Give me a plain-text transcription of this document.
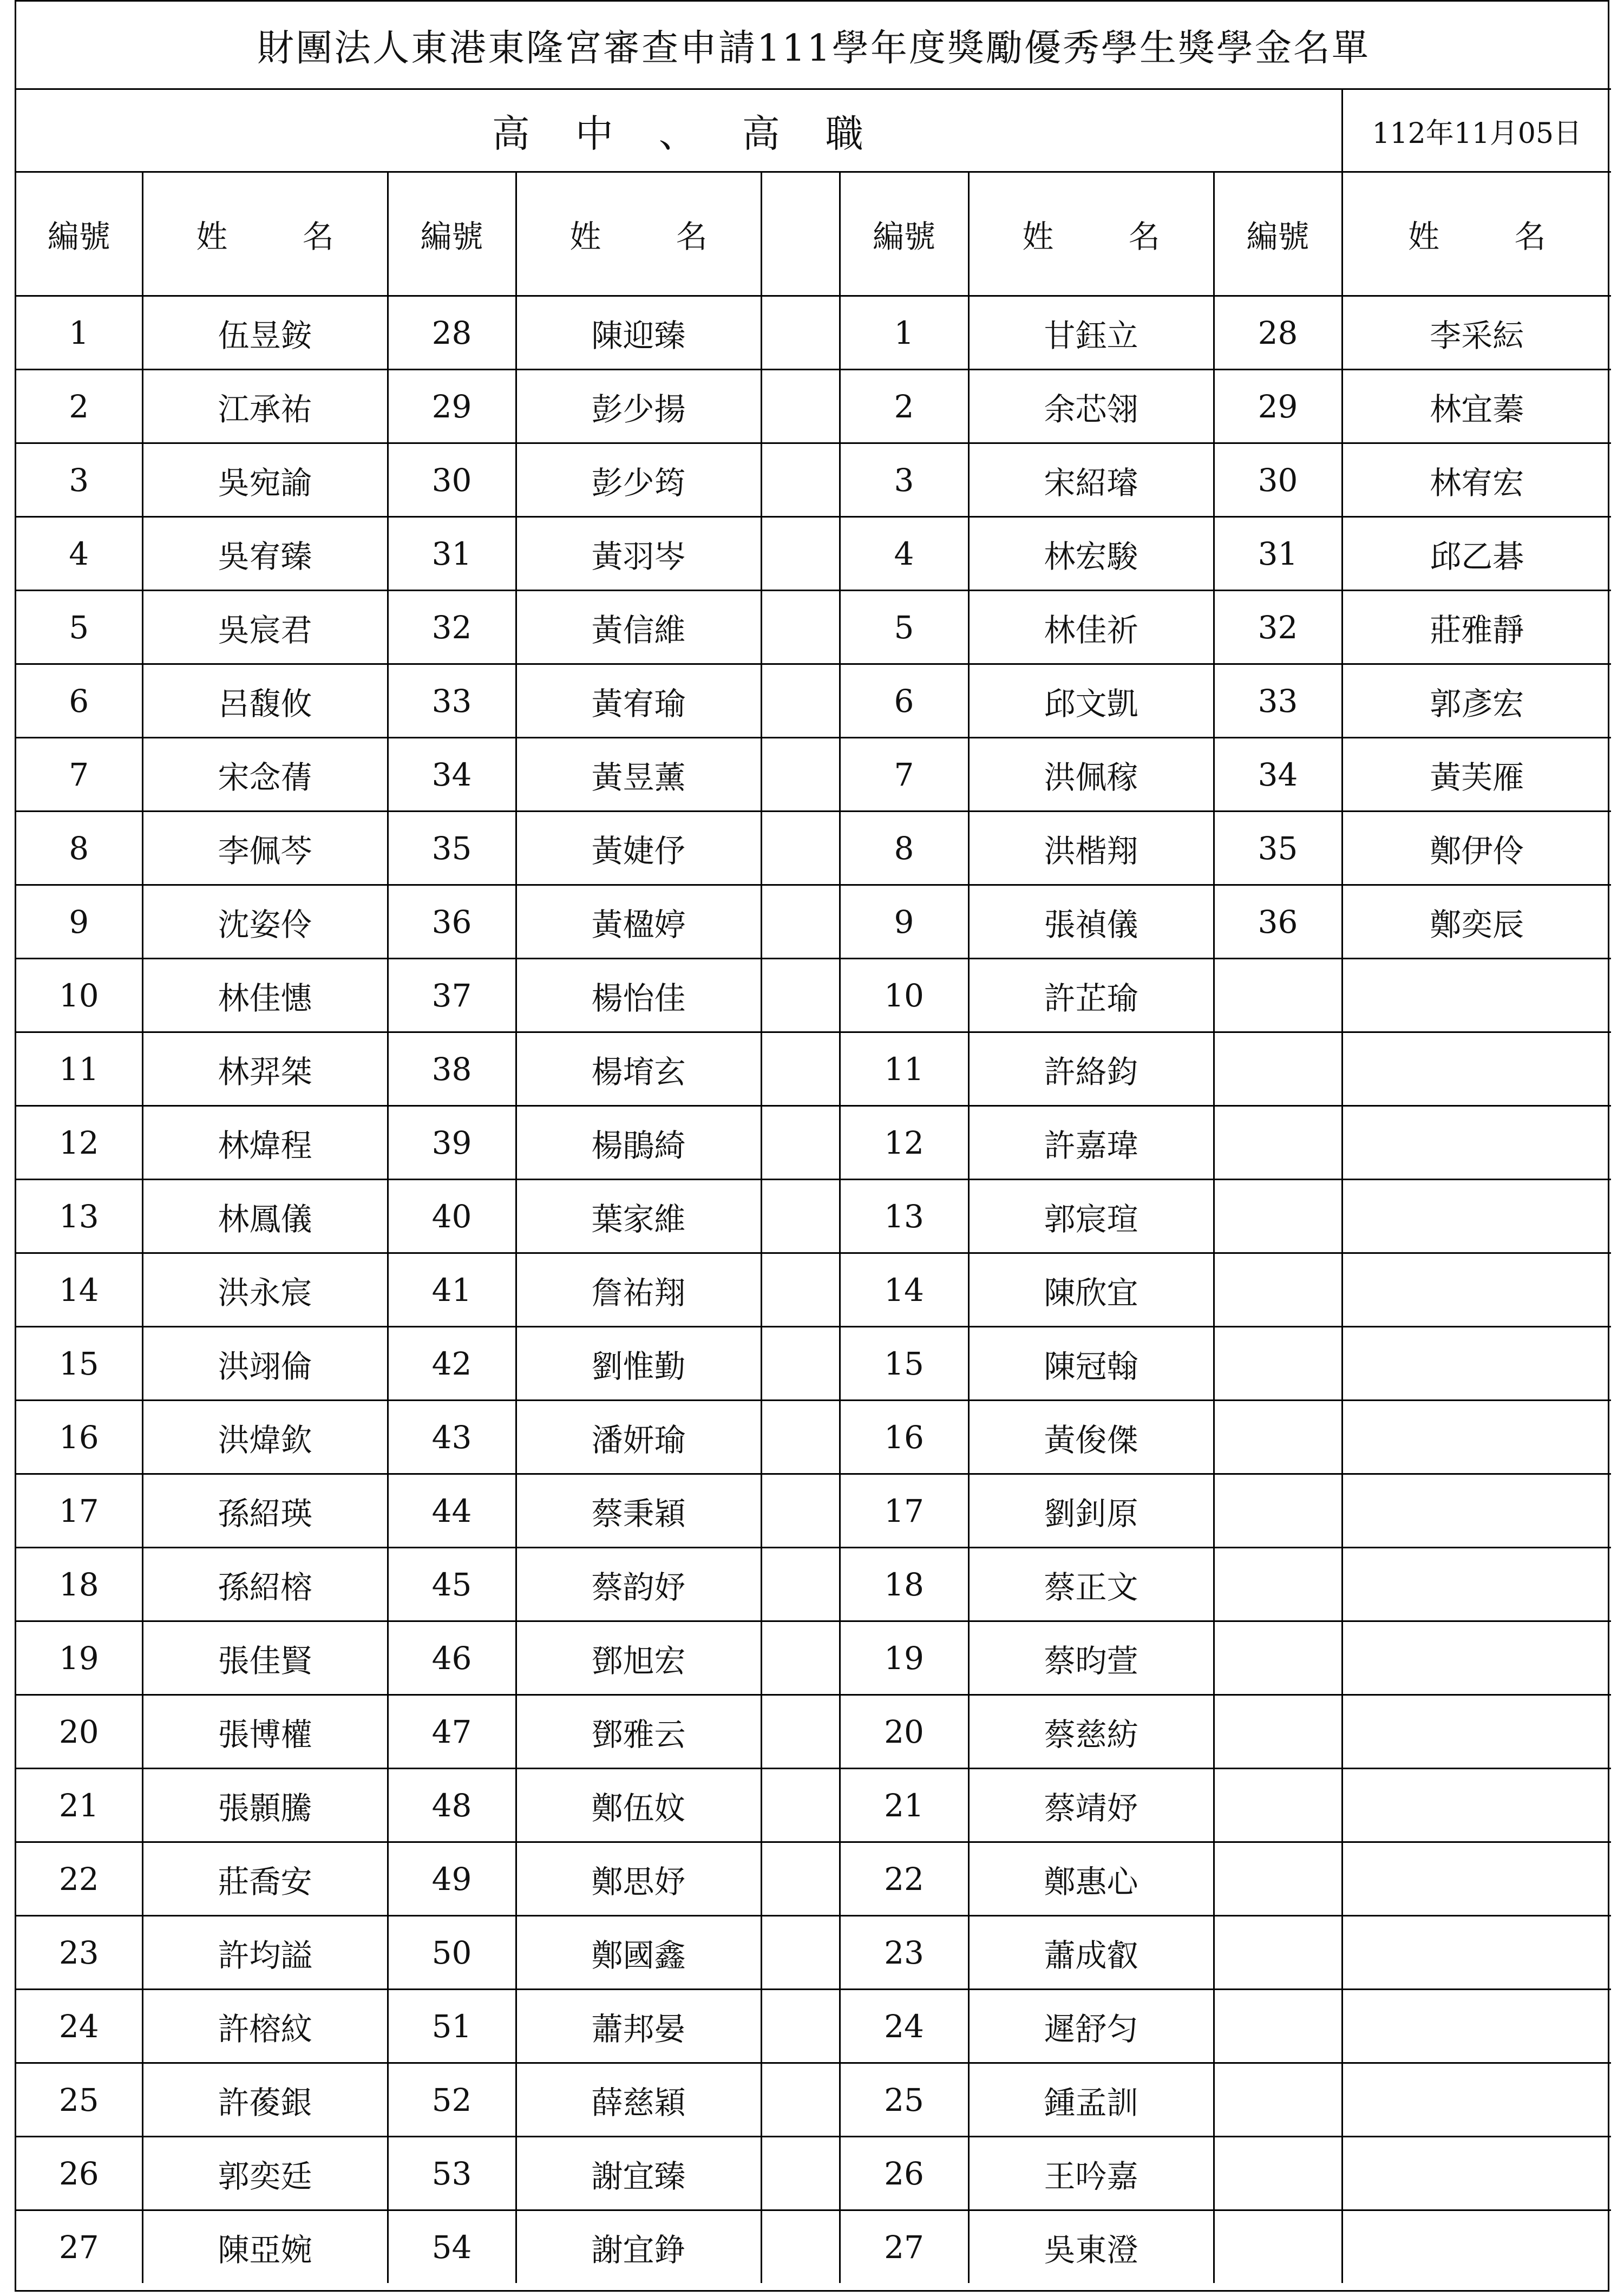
財團法人東港東隆宮審查申請111學年度獎勵優秀學生獎學金名單								
高 中 、 高 職								112年11月05日
編號	姓 名	編號	姓 名		編號	姓 名	編號	姓 名
1	伍昱銨	28	陳迎臻		1	甘鈺立	28	李采紜
2	江承祐	29	彭少揚		2	余芯翎	29	林宜蓁
3	吳宛諭	30	彭少筠		3	宋紹璿	30	林宥宏
4	吳宥臻	31	黃羽岑		4	林宏駿	31	邱乙碁
5	吳宸君	32	黃信維		5	林佳祈	32	莊雅靜
6	呂馥攸	33	黃宥瑜		6	邱文凱	33	郭彥宏
7	宋念蒨	34	黃昱薰		7	洪佩稼	34	黃芙雁
8	李佩芩	35	黃婕伃		8	洪楷翔	35	鄭伊伶
9	沈姿伶	36	黃楹婷		9	張禎儀	36	鄭奕辰
10	林佳憓	37	楊怡佳		10	許芷瑜		
11	林羿桀	38	楊堉玄		11	許絡鈞		
12	林煒程	39	楊鵑綺		12	許嘉瑋		
13	林鳳儀	40	葉家維		13	郭宸瑄		
14	洪永宸	41	詹祐翔		14	陳欣宜		
15	洪翊倫	42	劉惟勤		15	陳冠翰		
16	洪煒欽	43	潘妍瑜		16	黃俊傑		
17	孫紹瑛	44	蔡秉穎		17	劉釗原		
18	孫紹榕	45	蔡韵妤		18	蔡正文		
19	張佳賢	46	鄧旭宏		19	蔡昀萱		
20	張博權	47	鄧雅云		20	蔡慈紡		
21	張顥騰	48	鄭伍妏		21	蔡靖妤		
22	莊喬安	49	鄭思妤		22	鄭惠心		
23	許均謚	50	鄭國鑫		23	蕭成叡		
24	許榕紋	51	蕭邦晏		24	遲舒匀		
25	許葰銀	52	薛慈穎		25	鍾孟訓		
26	郭奕廷	53	謝宜臻		26	王吟嘉		
27	陳亞婉	54	謝宜錚		27	吳東澄		
